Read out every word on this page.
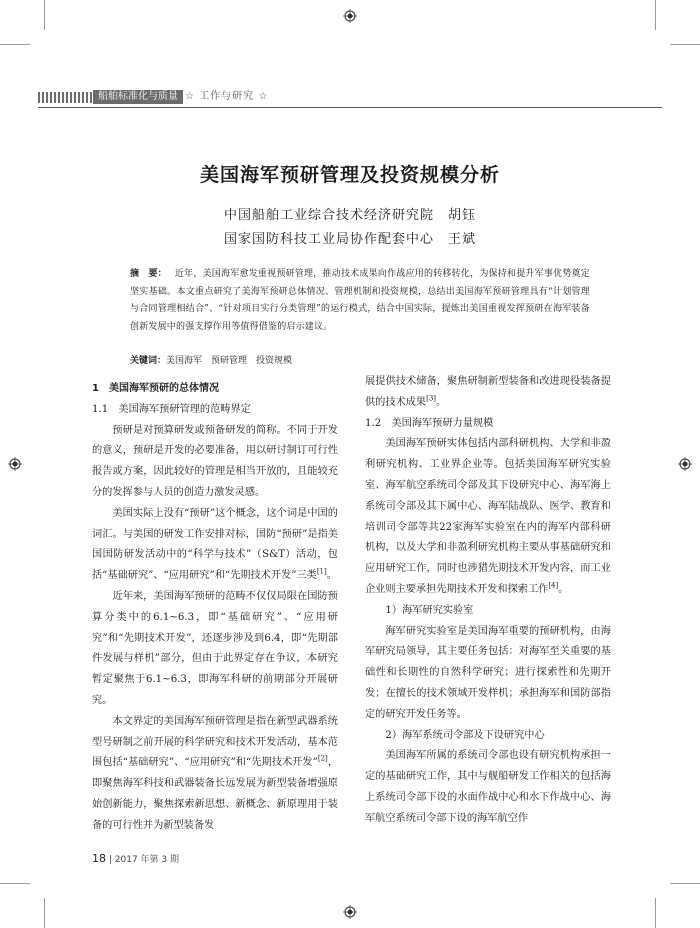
船舶标准化与质量 ☆ 工作与研究 ☆
美国海军预研管理及投资规模分析
中国船舶工业综合技术经济研究院　胡钰
国家国防科技工业局协作配套中心　王斌
摘　要： 近年，美国海军愈发重视预研管理，推动技术成果向作战应用的转移转化，为保持和提升军事优势奠定坚实基础。本文重点研究了美海军预研总体情况、管理机制和投资规模，总结出美国海军预研管理具有“计划管理与合同管理相结合”、“针对项目实行分类管理”的运行模式，结合中国实际，提炼出美国重视发挥预研在海军装备创新发展中的强支撑作用等值得借鉴的启示建议。
关键词：美国海军　预研管理　投资规模

1　美国海军预研的总体情况

1.1　美国海军预研管理的范畴界定

预研是对预算研发或预备研发的简称。不同于开发的意义，预研是开发的必要准备，用以研讨制订可行性报告或方案，因此较好的管理是相当开放的，且能较充分的发挥参与人员的创造力激发灵感。

美国实际上没有“预研”这个概念，这个词是中国的词汇。与美国的研发工作安排对标，国防“预研”是指美国国防研发活动中的“科学与技术”（S&T）活动，包括“基础研究”、“应用研究”和“先期技术开发”三类[1]。

近年来，美国海军预研的范畴不仅仅局限在国防预算分类中的6.1~6.3，即“基础研究”、“应用研究”和“先期技术开发”，还逐步涉及到6.4，即“先期部件发展与样机”部分，但由于此界定存在争议，本研究暂定聚焦于6.1~6.3，即海军科研的前期部分开展研究。

本文界定的美国海军预研管理是指在新型武器系统型号研制之前开展的科学研究和技术开发活动，基本范围包括“基础研究”、“应用研究”和“先期技术开发”[2]，即聚焦海军科技和武器装备长远发展为新型装备增强原始创新能力，聚焦探索新思想、新概念、新原理用于装备的可行性并为新型装备发

展提供技术储备，聚焦研制新型装备和改进现役装备提供的技术成果[3]。

1.2　美国海军预研力量规模

美国海军预研实体包括内部科研机构、大学和非盈利研究机构、工业界企业等。包括美国海军研究实验室、海军航空系统司令部及其下设研究中心、海军海上系统司令部及其下属中心、海军陆战队、医学、教育和培训司令部等共22家海军实验室在内的海军内部科研机构，以及大学和非盈利研究机构主要从事基础研究和应用研究工作，同时也涉猎先期技术开发内容，而工业企业则主要承担先期技术开发和探索工作[4]。

1）海军研究实验室

海军研究实验室是美国海军重要的预研机构，由海军研究局领导，其主要任务包括：对海军至关重要的基础性和长期性的自然科学研究；进行探索性和先期开发；在擅长的技术领域开发样机；承担海军和国防部指定的研究开发任务等。

2）海军系统司令部及下设研究中心

美国海军所属的系统司令部也设有研究机构承担一定的基础研究工作，其中与舰船研发工作相关的包括海上系统司令部下设的水面作战中心和水下作战中心、海军航空系统司令部下设的海军航空作

18 | 2017 年第 3 期
